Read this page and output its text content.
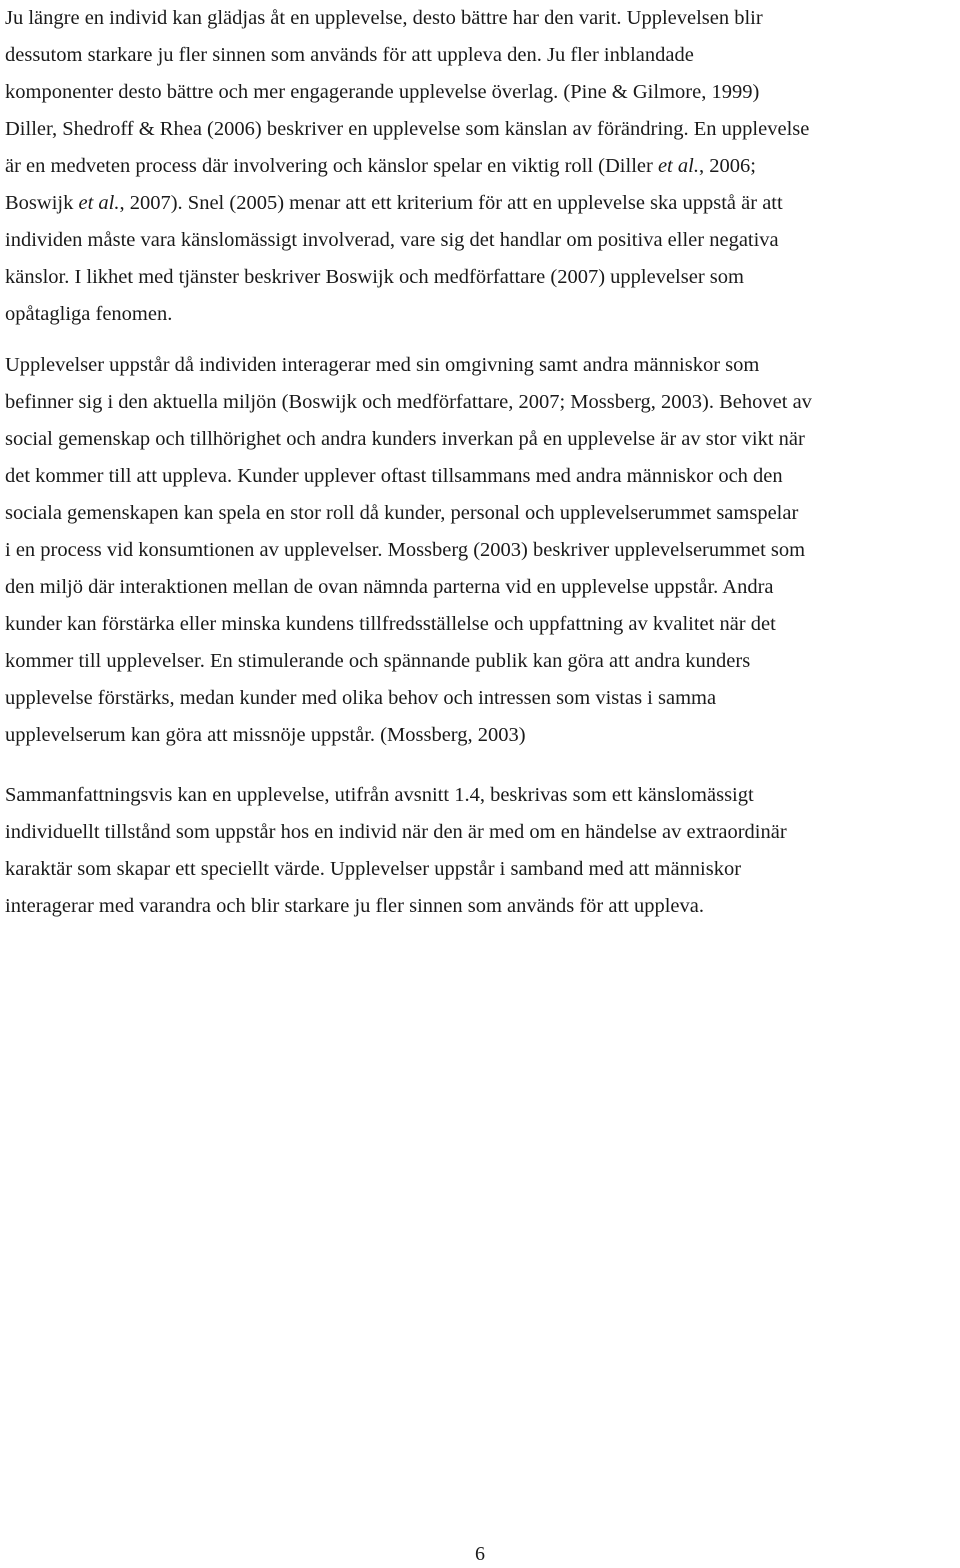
Ju längre en individ kan glädjas åt en upplevelse, desto bättre har den varit. Upplevelsen blir
dessutom starkare ju fler sinnen som används för att uppleva den. Ju fler inblandade
komponenter desto bättre och mer engagerande upplevelse överlag. (Pine & Gilmore, 1999)
Diller, Shedroff & Rhea (2006) beskriver en upplevelse som känslan av förändring. En upplevelse
är en medveten process där involvering och känslor spelar en viktig roll (Diller et al., 2006;
Boswijk et al., 2007). Snel (2005) menar att ett kriterium för att en upplevelse ska uppstå är att
individen måste vara känslomässigt involverad, vare sig det handlar om positiva eller negativa
känslor. I likhet med tjänster beskriver Boswijk och medförfattare (2007) upplevelser som
opåtagliga fenomen.

Upplevelser uppstår då individen interagerar med sin omgivning samt andra människor som
befinner sig i den aktuella miljön (Boswijk och medförfattare, 2007; Mossberg, 2003). Behovet av
social gemenskap och tillhörighet och andra kunders inverkan på en upplevelse är av stor vikt när
det kommer till att uppleva. Kunder upplever oftast tillsammans med andra människor och den
sociala gemenskapen kan spela en stor roll då kunder, personal och upplevelserummet samspelar
i en process vid konsumtionen av upplevelser. Mossberg (2003) beskriver upplevelserummet som
den miljö där interaktionen mellan de ovan nämnda parterna vid en upplevelse uppstår. Andra
kunder kan förstärka eller minska kundens tillfredsställelse och uppfattning av kvalitet när det
kommer till upplevelser. En stimulerande och spännande publik kan göra att andra kunders
upplevelse förstärks, medan kunder med olika behov och intressen som vistas i samma
upplevelserum kan göra att missnöje uppstår. (Mossberg, 2003)

Sammanfattningsvis kan en upplevelse, utifrån avsnitt 1.4, beskrivas som ett känslomässigt
individuellt tillstånd som uppstår hos en individ när den är med om en händelse av extraordinär
karaktär som skapar ett speciellt värde. Upplevelser uppstår i samband med att människor
interagerar med varandra och blir starkare ju fler sinnen som används för att uppleva.

6
